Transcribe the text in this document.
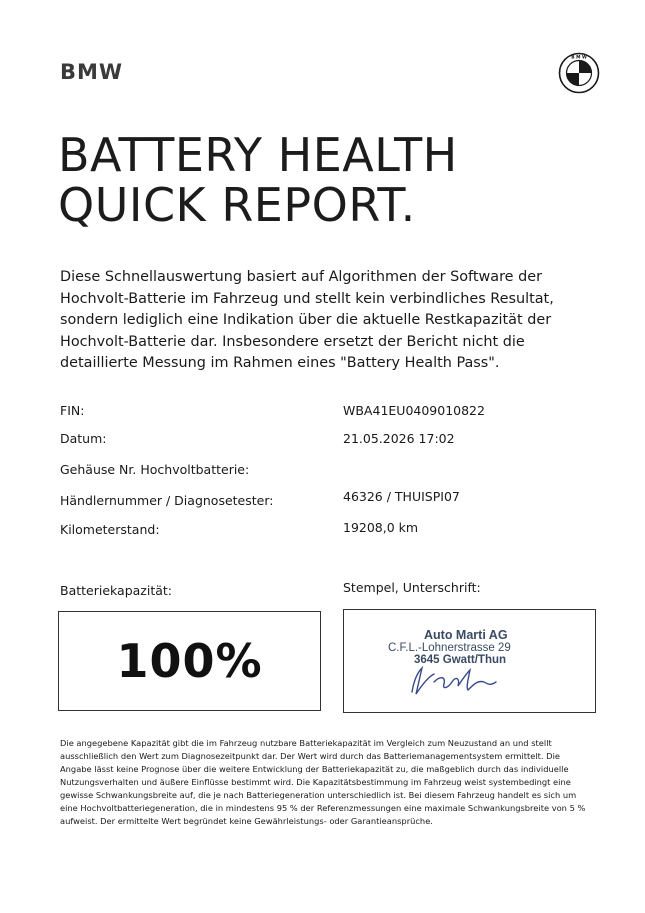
BMW
B M W
BATTERY HEALTH
QUICK REPORT.

Diese Schnellauswertung basiert auf Algorithmen der Software der Hochvolt-Batterie im Fahrzeug und stellt kein verbindliches Resultat, sondern lediglich eine Indikation über die aktuelle Restkapazität der Hochvolt-Batterie dar. Insbesondere ersetzt der Bericht nicht die detaillierte Messung im Rahmen eines "Battery Health Pass".

FIN:	WBA41EU0409010822
Datum:	21.05.2026 17:02
Gehäuse Nr. Hochvoltbatterie:
Händlernummer / Diagnosetester:	46326 / THUISPI07
Kilometerstand:	19208,0 km
Batteriekapazität:	Stempel, Unterschrift:
100%	Auto Marti AG
C.F.L.-Lohnerstrasse 29
3645 Gwatt/Thun

Die angegebene Kapazität gibt die im Fahrzeug nutzbare Batteriekapazität im Vergleich zum Neuzustand an und stellt ausschließlich den Wert zum Diagnosezeitpunkt dar. Der Wert wird durch das Batteriemanagementsystem ermittelt. Die Angabe lässt keine Prognose über die weitere Entwicklung der Batteriekapazität zu, die maßgeblich durch das individuelle Nutzungsverhalten und äußere Einflüsse bestimmt wird. Die Kapazitätsbestimmung im Fahrzeug weist systembedingt eine gewisse Schwankungsbreite auf, die je nach Batteriegeneration unterschiedlich ist. Bei diesem Fahrzeug handelt es sich um eine Hochvoltbatteriegeneration, die in mindestens 95 % der Referenzmessungen eine maximale Schwankungsbreite von 5 % aufweist. Der ermittelte Wert begründet keine Gewährleistungs- oder Garantieansprüche.
